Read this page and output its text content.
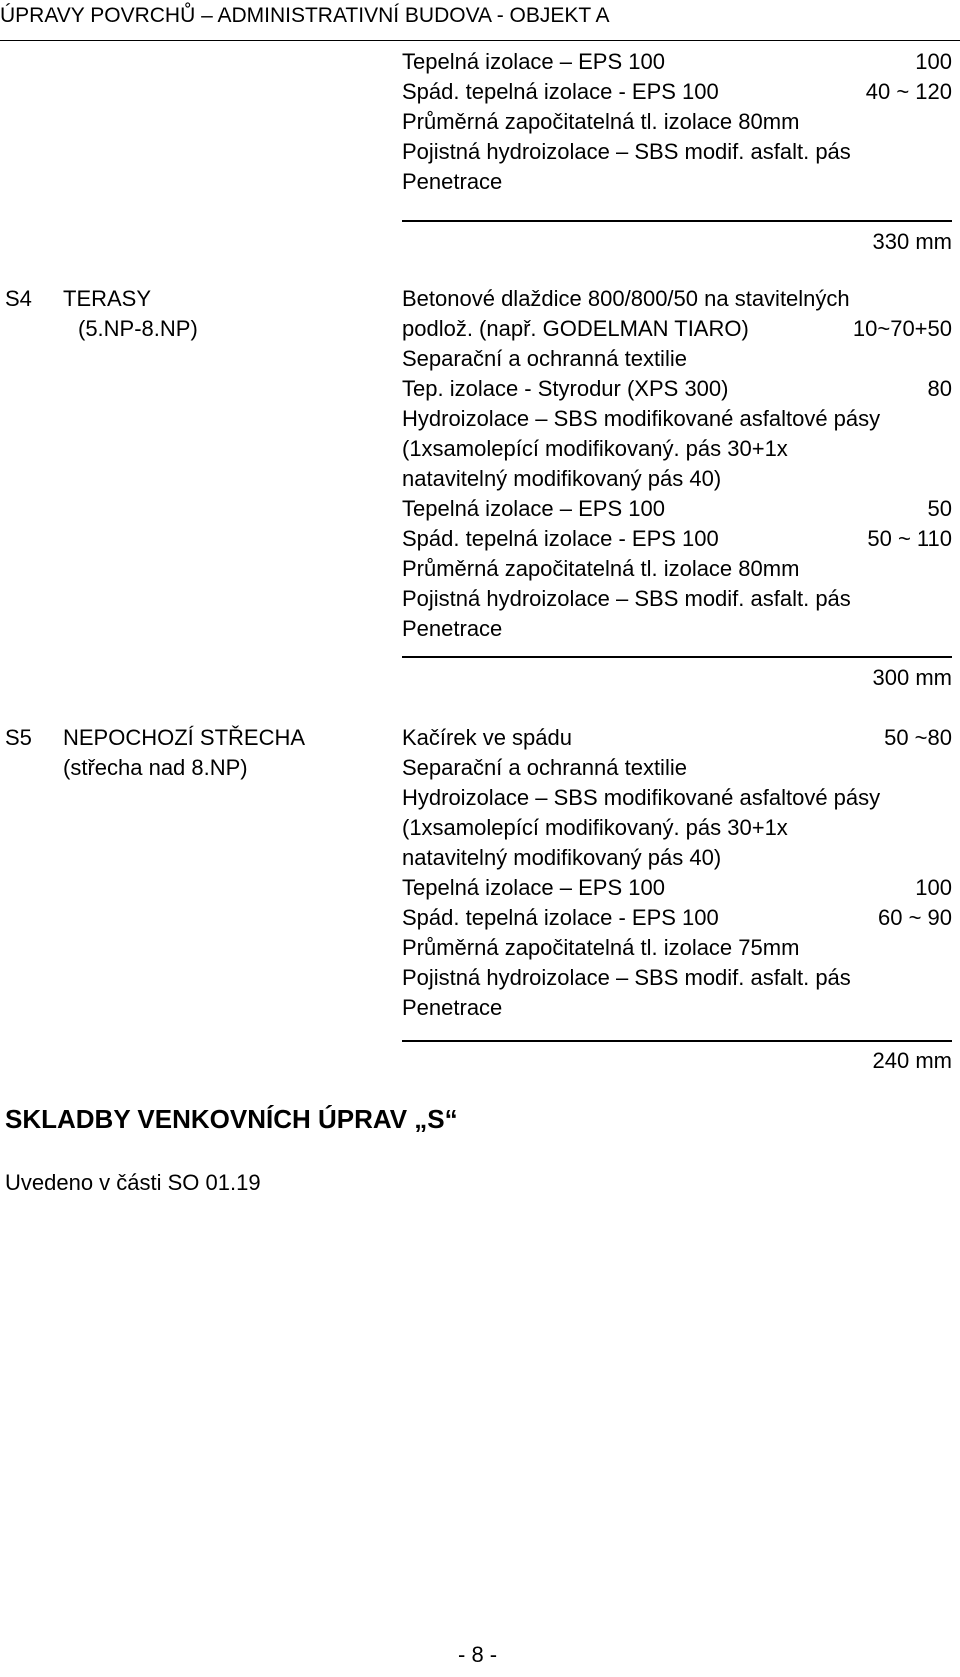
ÚPRAVY POVRCHŮ – ADMINISTRATIVNÍ BUDOVA - OBJEKT A
Tepelná izolace – EPS 100	100
Spád. tepelná izolace - EPS 100	40 ~ 120
Průměrná započitatelná tl. izolace 80mm
Pojistná hydroizolace – SBS modif. asfalt. pás
Penetrace
330 mm
S4 TERASY
(5.NP-8.NP)
Betonové dlaždice 800/800/50 na stavitelných
podlož. (např. GODELMAN TIARO)	10~70+50
Separační a ochranná textilie
Tep. izolace - Styrodur (XPS 300)	80
Hydroizolace – SBS modifikované asfaltové pásy
(1xsamolepící modifikovaný. pás 30+1x
natavitelný modifikovaný pás 40)
Tepelná izolace – EPS 100	50
Spád. tepelná izolace - EPS 100	50 ~ 110
Průměrná započitatelná tl. izolace 80mm
Pojistná hydroizolace – SBS modif. asfalt. pás
Penetrace
300 mm
S5 NEPOCHOZÍ STŘECHA
(střecha nad 8.NP)
Kačírek ve spádu	50 ~80
Separační a ochranná textilie
Hydroizolace – SBS modifikované asfaltové pásy
(1xsamolepící modifikovaný. pás 30+1x
natavitelný modifikovaný pás 40)
Tepelná izolace – EPS 100	100
Spád. tepelná izolace - EPS 100	60 ~ 90
Průměrná započitatelná tl. izolace 75mm
Pojistná hydroizolace – SBS modif. asfalt. pás
Penetrace
240 mm
SKLADBY VENKOVNÍCH ÚPRAV „S“
Uvedeno v části SO 01.19
- 8 -
